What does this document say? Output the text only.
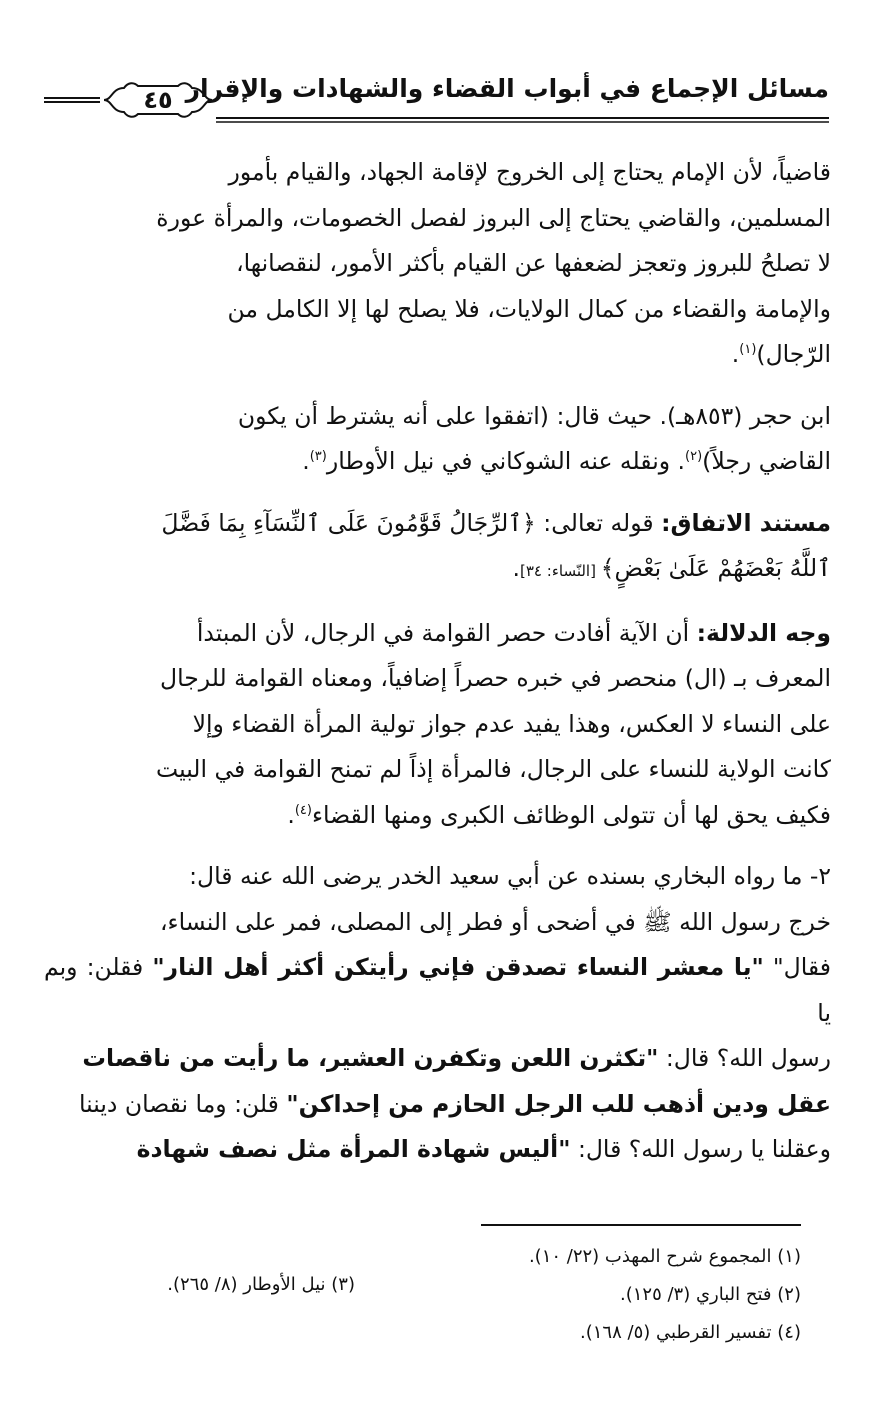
مسائل الإجماع في أبواب القضاء والشهادات والإقرار
٤٥

قاضياً، لأن الإمام يحتاج إلى الخروج لإقامة الجهاد، والقيام بأمور
المسلمين، والقاضي يحتاج إلى البروز لفصل الخصومات، والمرأة عورة
لا تصلحُ للبروز وتعجز لضعفها عن القيام بأكثر الأمور، لنقصانها،
والإمامة والقضاء من كمال الولايات، فلا يصلح لها إلا الكامل من
الرّجال)$^{(١)}$.

ابن حجر (٨٥٣هـ). حيث قال: (اتفقوا على أنه يشترط أن يكون
القاضي رجلاً)$^{(٢)}$. ونقله عنه الشوكاني في نيل الأوطار$^{(٣)}$.

مستند الاتفاق: قوله تعالى: ﴿ٱلرِّجَالُ قَوَّٰمُونَ عَلَى ٱلنِّسَآءِ بِمَا فَضَّلَ
ٱللَّهُ بَعْضَهُمْ عَلَىٰ بَعْضٍ﴾ [النّساء: ٣٤].

وجه الدلالة: أن الآية أفادت حصر القوامة في الرجال، لأن المبتدأ
المعرف بـ (ال) منحصر في خبره حصراً إضافياً، ومعناه القوامة للرجال
على النساء لا العكس، وهذا يفيد عدم جواز تولية المرأة القضاء وإلا
كانت الولاية للنساء على الرجال، فالمرأة إذاً لم تمنح القوامة في البيت
فكيف يحق لها أن تتولى الوظائف الكبرى ومنها القضاء$^{(٤)}$.

٢- ما رواه البخاري بسنده عن أبي سعيد الخدر يرضى الله عنه قال:
خرج رسول الله ﷺ في أضحى أو فطر إلى المصلى، فمر على النساء،
فقال" "يا معشر النساء تصدقن فإني رأيتكن أكثر أهل النار" فقلن: وبم يا
رسول الله؟ قال: "تكثرن اللعن وتكفرن العشير، ما رأيت من ناقصات
عقل ودين أذهب للب الرجل الحازم من إحداكن" قلن: وما نقصان ديننا
وعقلنا يا رسول الله؟ قال: "أليس شهادة المرأة مثل نصف شهادة

(١) المجموع شرح المهذب (٢٢/ ١٠).
(٢) فتح الباري (٣/ ١٢٥).
(٣) نيل الأوطار (٨/ ٢٦٥).
(٤) تفسير القرطبي (٥/ ١٦٨).
